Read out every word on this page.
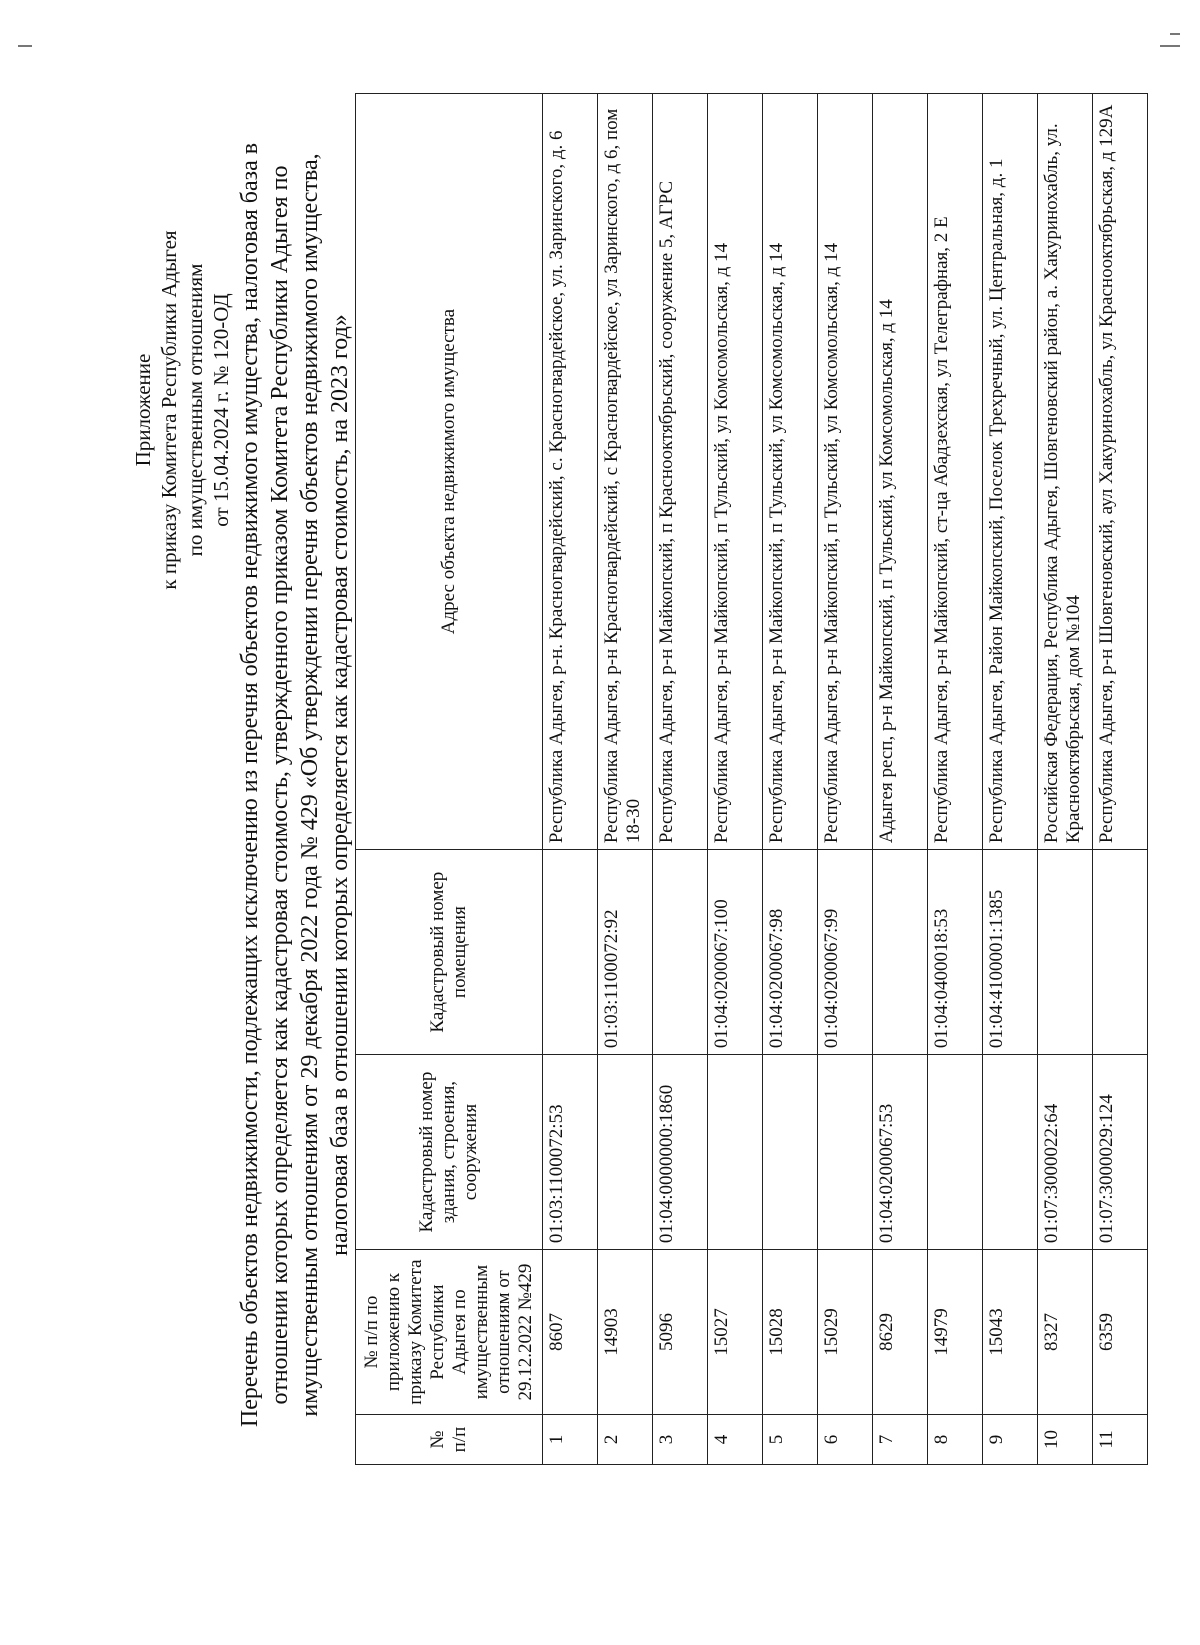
Приложение к приказу Комитета Республики Адыгея по имущественным отношениям от 15.04.2024 г. № 120-ОД Перечень объектов недвижимости, подлежащих исключению из перечня объектов недвижимого имущества, налоговая база в отношении которых определяется как кадастровая стоимость, утвержденного приказом Комитета Республики Адыгея по имущественным отношениям от 29 декабря 2022 года № 429 «Об утверждении перечня объектов недвижимого имущества, налоговая база в отношении которых определяется как кадастровая стоимость, на 2023 год»
№ п/п	№ п/п по приложению к приказу Комитета Республики Адыгея по имущественным отношениям от 29.12.2022 №429	Кадастровый номер здания, строения, сооружения	Кадастровый номер помещения	Адрес объекта недвижимого имущества
1	8607	01:03:1100072:53		Республика Адыгея, р-н. Красногвардейский, с. Красногвардейское, ул. Заринского, д. 6
2	14903		01:03:1100072:92	Республика Адыгея, р-н Красногвардейский, с Красногвардейское, ул Заринского, д 6, пом 18-30
3	5096	01:04:0000000:1860		Республика Адыгея, р-н Майкопский, п Краснооктябрьский, сооружение 5, АГРС
4	15027		01:04:0200067:100	Республика Адыгея, р-н Майкопский, п Тульский, ул Комсомольская, д 14
5	15028		01:04:0200067:98	Республика Адыгея, р-н Майкопский, п Тульский, ул Комсомольская, д 14
6	15029		01:04:0200067:99	Республика Адыгея, р-н Майкопский, п Тульский, ул Комсомольская, д 14
7	8629	01:04:0200067:53		Адыгея респ, р-н Майкопский, п Тульский, ул Комсомольская, д 14
8	14979		01:04:0400018:53	Республика Адыгея, р-н Майкопский, ст-ца Абадзехская, ул Телеграфная, 2 Е
9	15043		01:04:4100001:1385	Республика Адыгея, Район Майкопский, Поселок Трехречный, ул. Центральная, д. 1
10	8327	01:07:3000022:64		Российская Федерация, Республика Адыгея, Шовгеновский район, а. Хакуринохабль, ул. Краснооктябрьская, дом №104
11	6359	01:07:3000029:124		Республика Адыгея, р-н Шовгеновский, аул Хакуринохабль, ул Краснооктябрьская, д 129А
